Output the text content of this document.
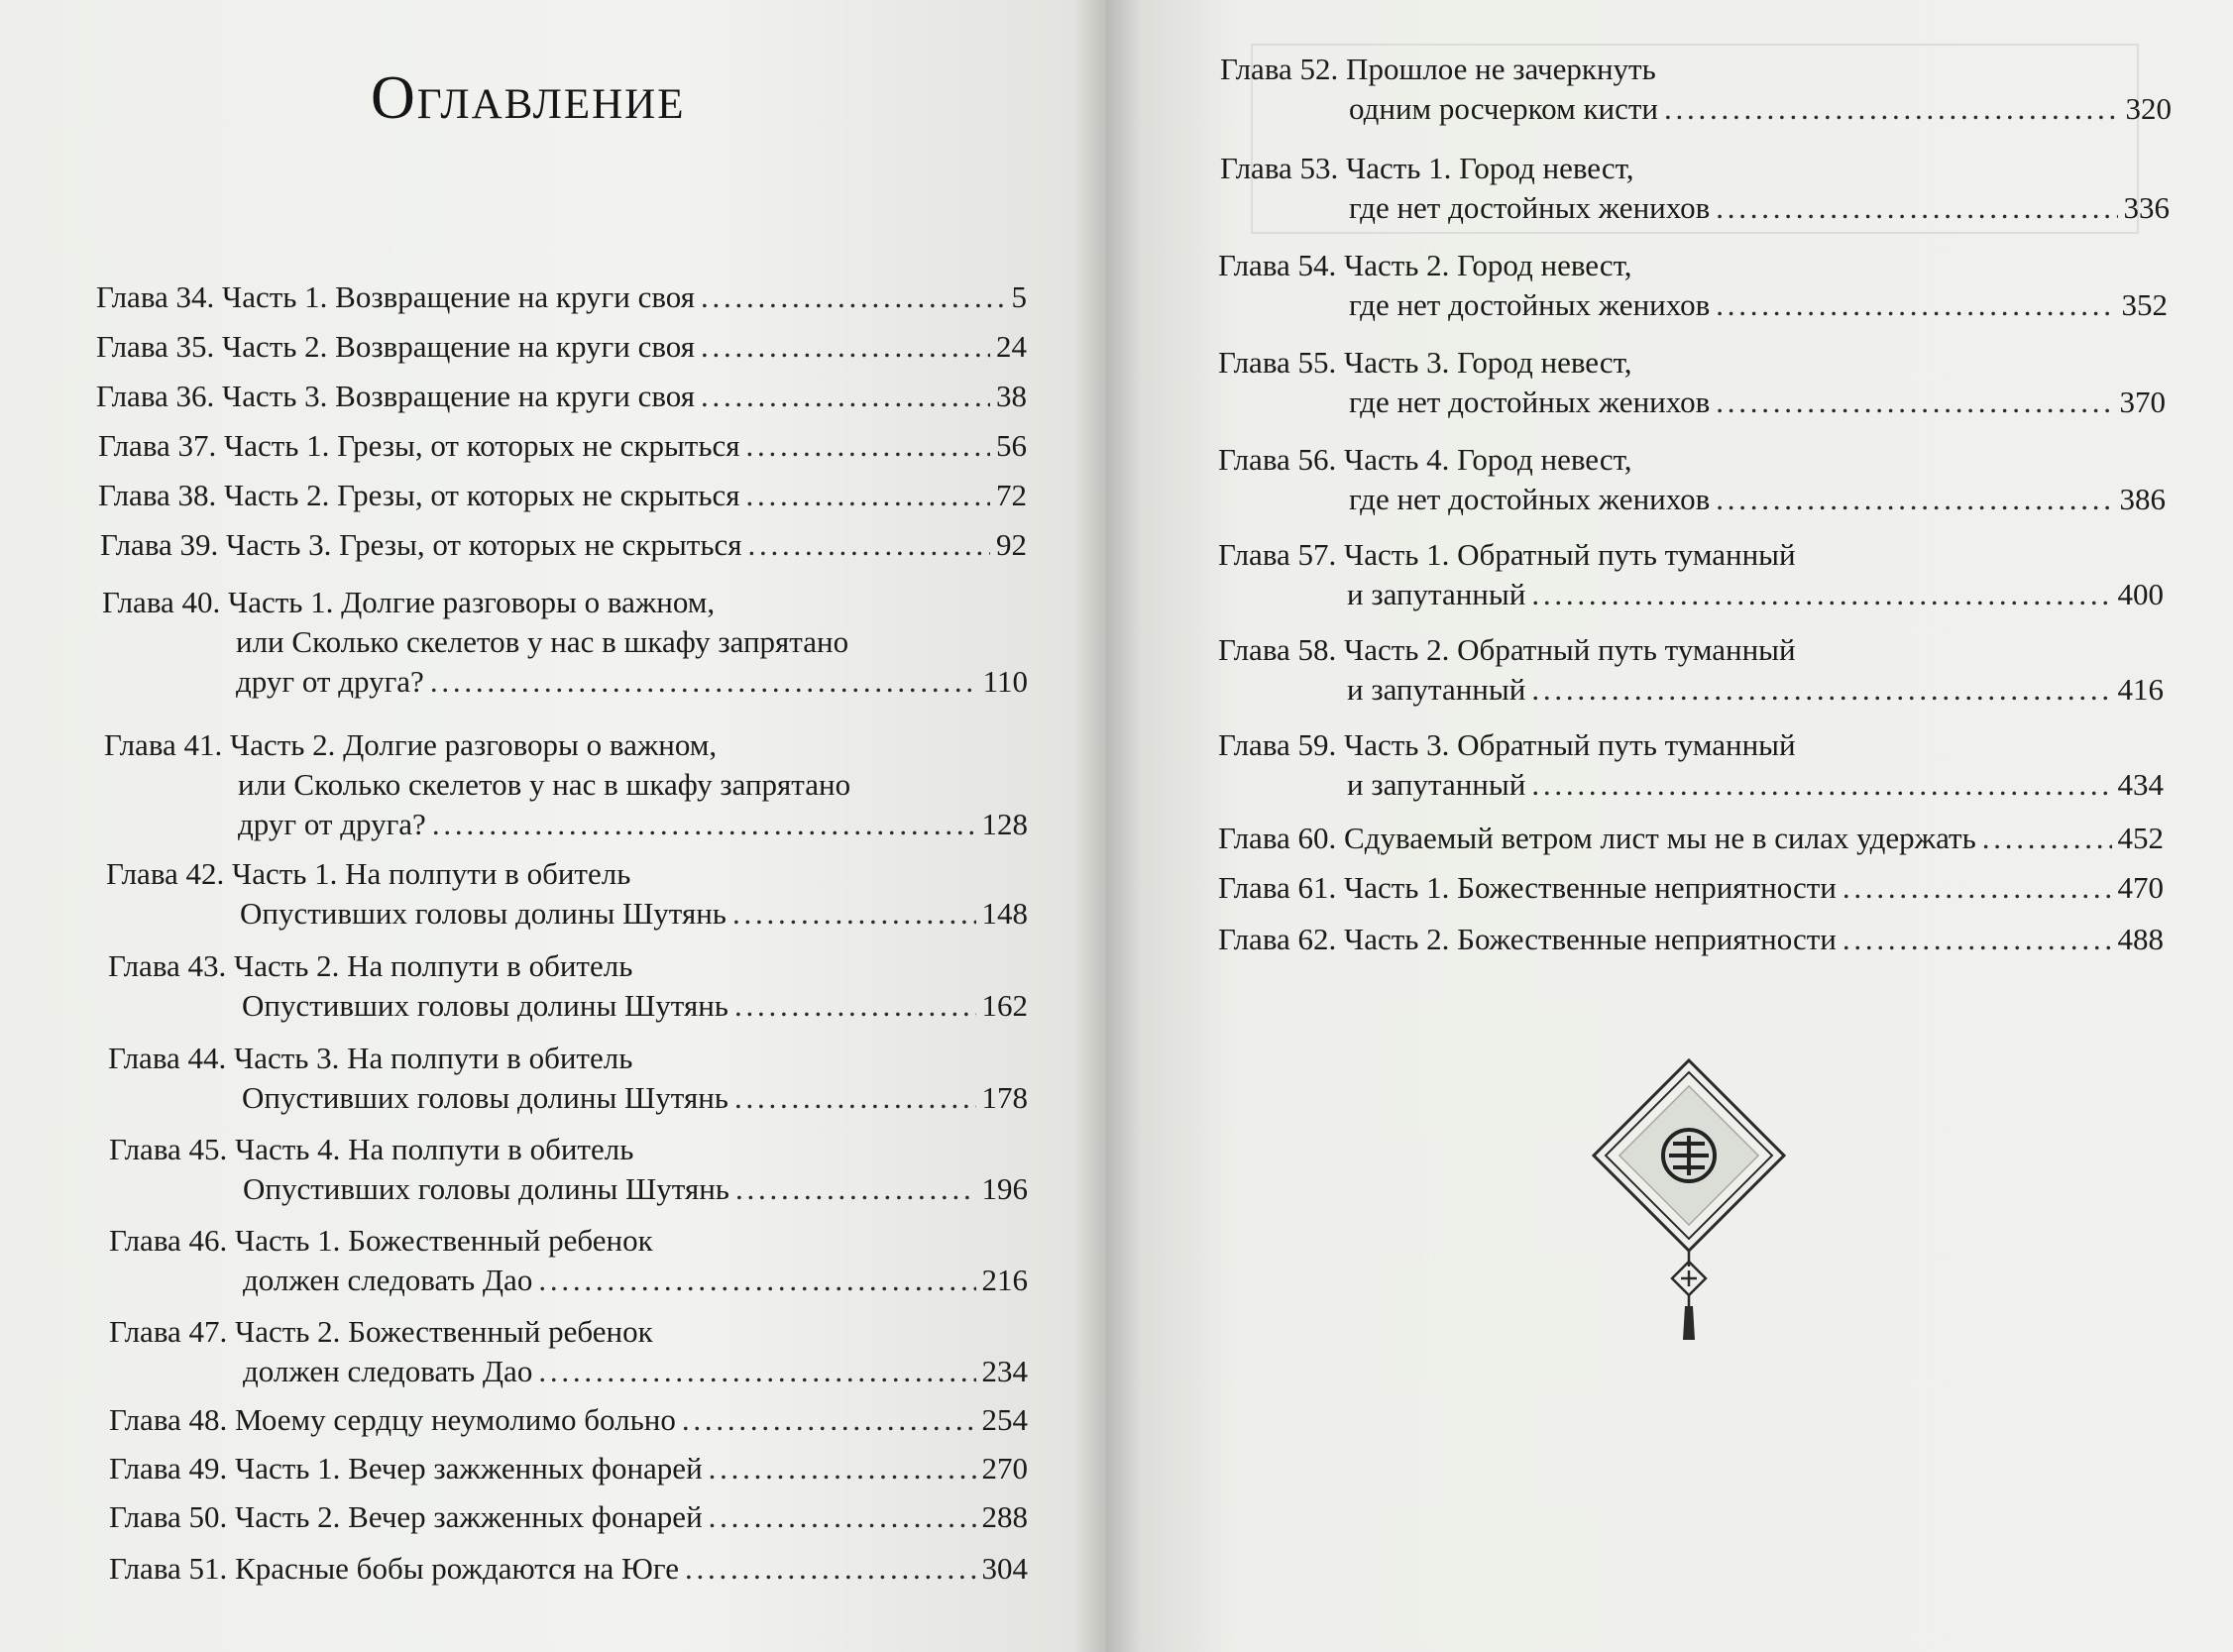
Оглавление
Глава 34. Часть 1. Возвращение на круги своя . . .	5
Глава 35. Часть 2. Возвращение на круги своя . . .	24
Глава 36. Часть 3. Возвращение на круги своя . . .	38
Глава 37. Часть 1. Грезы, от которых не скрыться . . .	56
Глава 38. Часть 2. Грезы, от которых не скрыться . . .	72
Глава 39. Часть 3. Грезы, от которых не скрыться . . .	92
Глава 40. Часть 1. Долгие разговоры о важном,
или Сколько скелетов у нас в шкафу запрятано
друг от друга? . . .	110
Глава 41. Часть 2. Долгие разговоры о важном,
или Сколько скелетов у нас в шкафу запрятано
друг от друга? . . .	128
Глава 42. Часть 1. На полпути в обитель
Опустивших головы долины Шутянь . . .	148
Глава 43. Часть 2. На полпути в обитель
Опустивших головы долины Шутянь . . .	162
Глава 44. Часть 3. На полпути в обитель
Опустивших головы долины Шутянь . . .	178
Глава 45. Часть 4. На полпути в обитель
Опустивших головы долины Шутянь . . .	196
Глава 46. Часть 1. Божественный ребенок
должен следовать Дао . . .	216
Глава 47. Часть 2. Божественный ребенок
должен следовать Дао . . .	234
Глава 48. Моему сердцу неумолимо больно . . .	254
Глава 49. Часть 1. Вечер зажженных фонарей . . .	270
Глава 50. Часть 2. Вечер зажженных фонарей . . .	288
Глава 51. Красные бобы рождаются на Юге . . .	304
Глава 52. Прошлое не зачеркнуть
одним росчерком кисти . . .	320
Глава 53. Часть 1. Город невест,
где нет достойных женихов . . .	336
Глава 54. Часть 2. Город невест,
где нет достойных женихов . . .	352
Глава 55. Часть 3. Город невест,
где нет достойных женихов . . .	370
Глава 56. Часть 4. Город невест,
где нет достойных женихов . . .	386
Глава 57. Часть 1. Обратный путь туманный
и запутанный . . .	400
Глава 58. Часть 2. Обратный путь туманный
и запутанный . . .	416
Глава 59. Часть 3. Обратный путь туманный
и запутанный . . .	434
Глава 60. Сдуваемый ветром лист мы не в силах удержать . . .	452
Глава 61. Часть 1. Божественные неприятности . . .	470
Глава 62. Часть 2. Божественные неприятности . . .	488
